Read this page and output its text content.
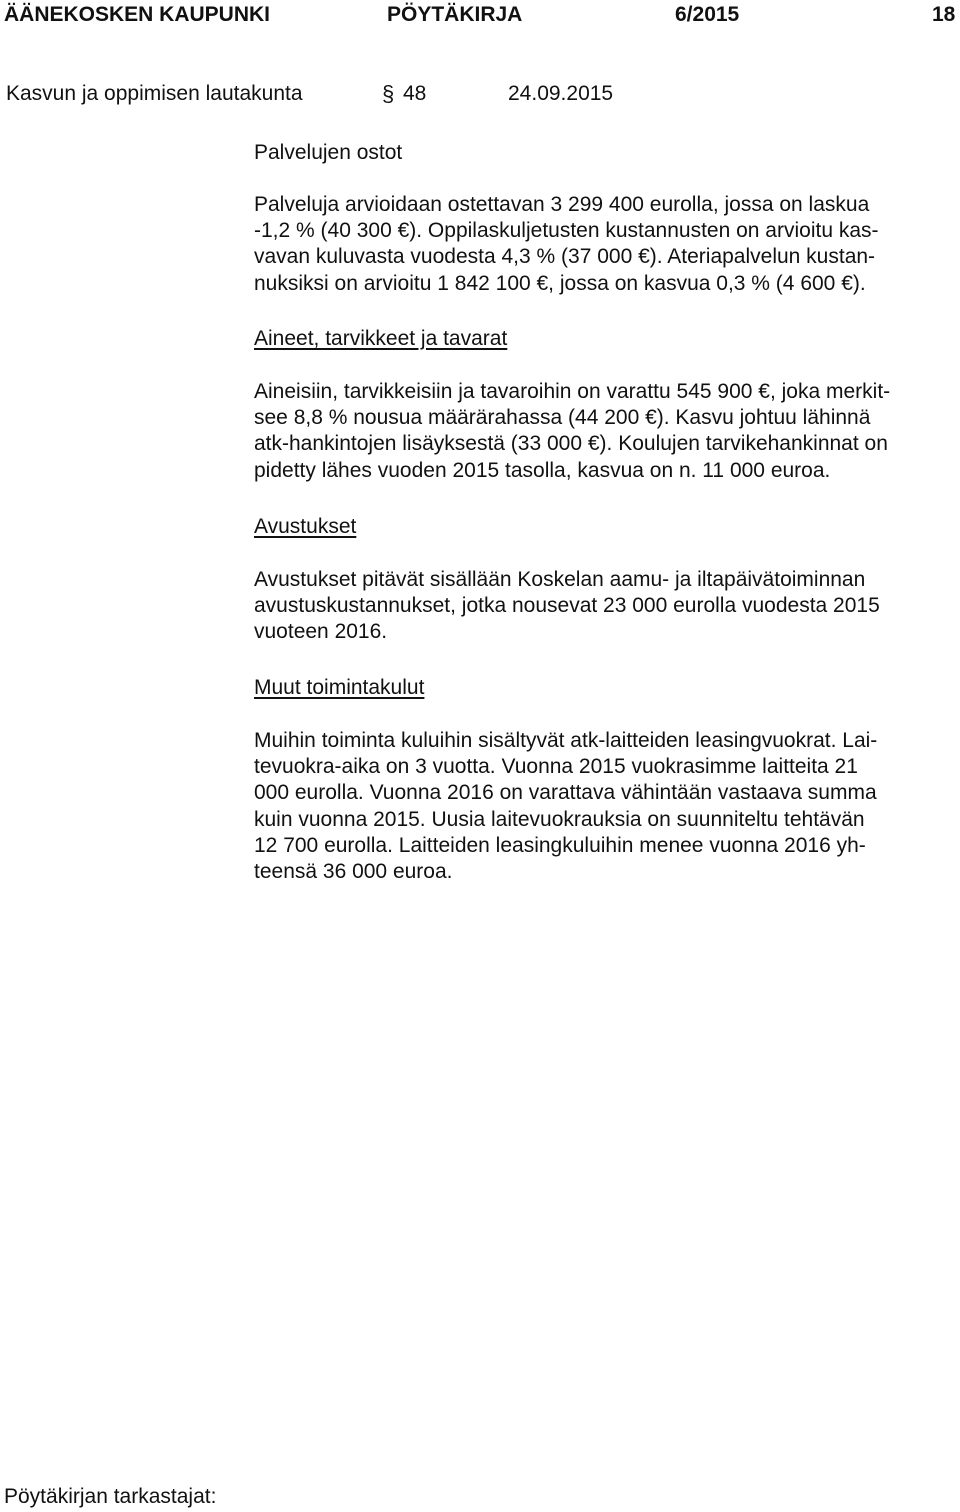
ÄÄNEKOSKEN KAUPUNKI	PÖYTÄKIRJA	6/2015	18
Kasvun ja oppimisen lautakunta	§ 48	24.09.2015
Palvelujen ostot
Palveluja arvioidaan ostettavan 3 299 400 eurolla, jossa on laskua
-1,2 % (40 300 €). Oppilaskuljetusten kustannusten on arvioitu kas-
vavan kuluvasta vuodesta 4,3 % (37 000 €). Ateriapalvelun kustan-
nuksiksi on arvioitu 1 842 100 €, jossa on kasvua 0,3 % (4 600 €).
Aineet, tarvikkeet ja tavarat
Aineisiin, tarvikkeisiin ja tavaroihin on varattu 545 900 €, joka merkit-
see 8,8 % nousua määrärahassa (44 200 €). Kasvu johtuu lähinnä
atk-hankintojen lisäyksestä (33 000 €). Koulujen tarvikehankinnat on
pidetty lähes vuoden 2015 tasolla, kasvua on n. 11 000 euroa.
Avustukset
Avustukset pitävät sisällään Koskelan aamu- ja iltapäivätoiminnan
avustuskustannukset, jotka nousevat 23 000 eurolla vuodesta 2015
vuoteen 2016.
Muut toimintakulut
Muihin toiminta kuluihin sisältyvät atk-laitteiden leasingvuokrat. Lai-
tevuokra-aika on 3 vuotta. Vuonna 2015 vuokrasimme laitteita 21
000 eurolla. Vuonna 2016 on varattava vähintään vastaava summa
kuin vuonna 2015. Uusia laitevuokrauksia on suunniteltu tehtävän
12 700 eurolla. Laitteiden leasingkuluihin menee vuonna 2016 yh-
teensä 36 000 euroa.
Pöytäkirjan tarkastajat:
